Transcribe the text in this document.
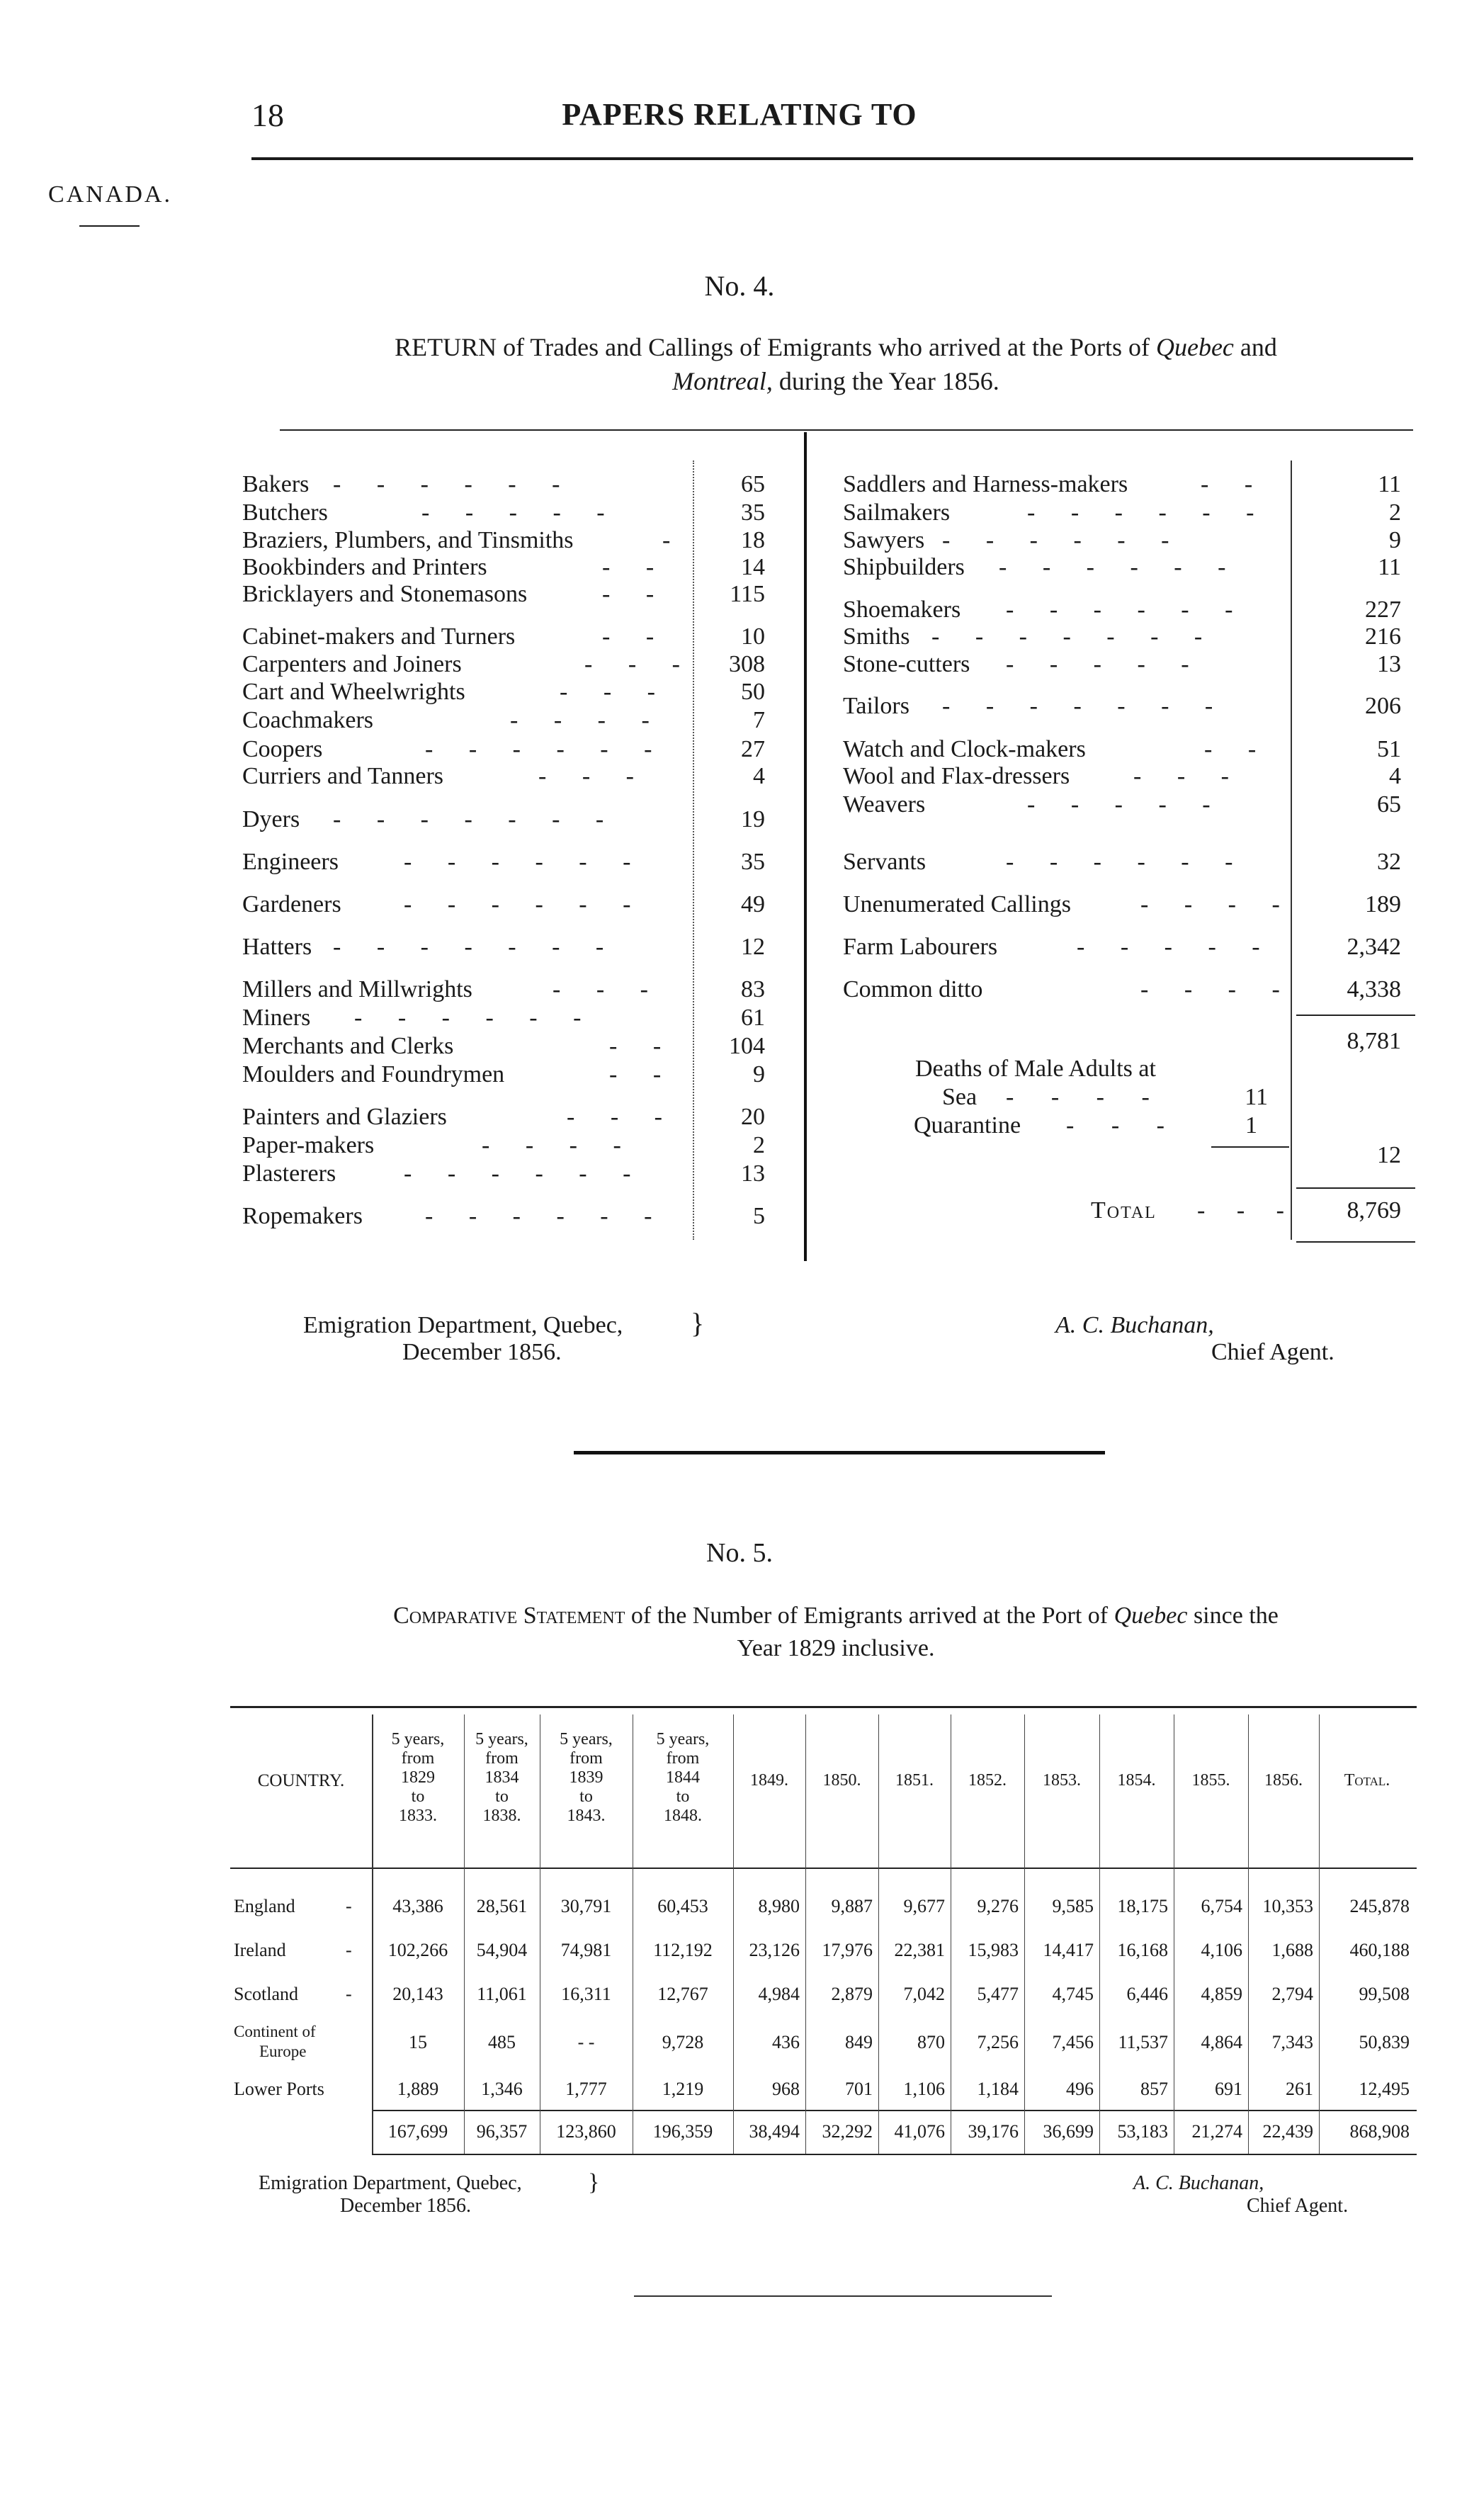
18	PAPERS RELATING TO
CANADA.
No. 4.
RETURN of Trades and Callings of Emigrants who arrived at the Ports of Quebec and
Montreal, during the Year 1856.
Bakers - - - - - -	65
Butchers	- - - - -	35
Braziers, Plumbers, and Tinsmiths	-	18
Bookbinders and Printers	- -	14
Bricklayers and Stonemasons	- -	115
Cabinet-makers and Turners	- -	10
Carpenters and Joiners	- - -	308
Cart and Wheelwrights	- - -	50
Coachmakers	- - - -	7
Coopers	- - - - - -	27
Curriers and Tanners	- - -	4
Dyers - - - - - - -	19
Engineers	- - - - - -	35
Gardeners	- - - - - -	49
Hatters - - - - - - -	12
Millers and Millwrights	- - -	83
Miners - - - - - -	61
Merchants and Clerks	- -	104
Moulders and Foundrymen	- -	9
Painters and Glaziers	- - -	20
Paper-makers	- - - -	2
Plasterers	- - - - - -	13
Ropemakers	- - - - - -	5
Saddlers and Harness-makers	- -	11
Sailmakers	- - - - - -	2
Sawyers - - - - - -	9
Shipbuilders - - - - - -	11
Shoemakers - - - - - -	227
Smiths - - - - - - -	216
Stone-cutters - - - - -	13
Tailors - - - - - - -	206
Watch and Clock-makers	- -	51
Wool and Flax-dressers	- - -	4
Weavers	- - - - -	65
Servants	- - - - - -	32
Unenumerated Callings	- - - -	189
Farm Labourers	- - - - -	2,342
Common ditto	- - - -	4,338
8,781
Deaths of Male Adults at
Sea - - - -	11
Quarantine - - -	1
12
Total - - -	8,769
Emigration Department, Quebec,
December 1856.
}	A. C. Buchanan,
Chief Agent.
No. 5.
Comparative Statement of the Number of Emigrants arrived at the Port of Quebec since the
Year 1829 inclusive.
COUNTRY.
5 years,
from
1829
to
1833.
5 years,
from
1834
to
1838.
5 years,
from
1839
to
1843.
5 years,
from
1844
to
1848.
1849.	1850.	1851.	1852.	1853.	1854.	1855.	1856.	Total.
England	-	43,386	28,561	30,791	60,453	8,980	9,887	9,677	9,276	9,585	18,175	6,754	10,353	245,878
Ireland	-	102,266	54,904	74,981	112,192	23,126	17,976	22,381	15,983	14,417	16,168	4,106	1,688	460,188
Scotland	-	20,143	11,061	16,311	12,767	4,984	2,879	7,042	5,477	4,745	6,446	4,859	2,794	99,508
Continent of
Europe	15	485	- -	9,728	436	849	870	7,256	7,456	11,537	4,864	7,343	50,839
Lower Ports	1,889	1,346	1,777	1,219	968	701	1,106	1,184	496	857	691	261	12,495
167,699	96,357	123,860	196,359	38,494	32,292	41,076	39,176	36,699	53,183	21,274	22,439	868,908
Emigration Department, Quebec,
December 1856.
}	A. C. Buchanan,
Chief Agent.
